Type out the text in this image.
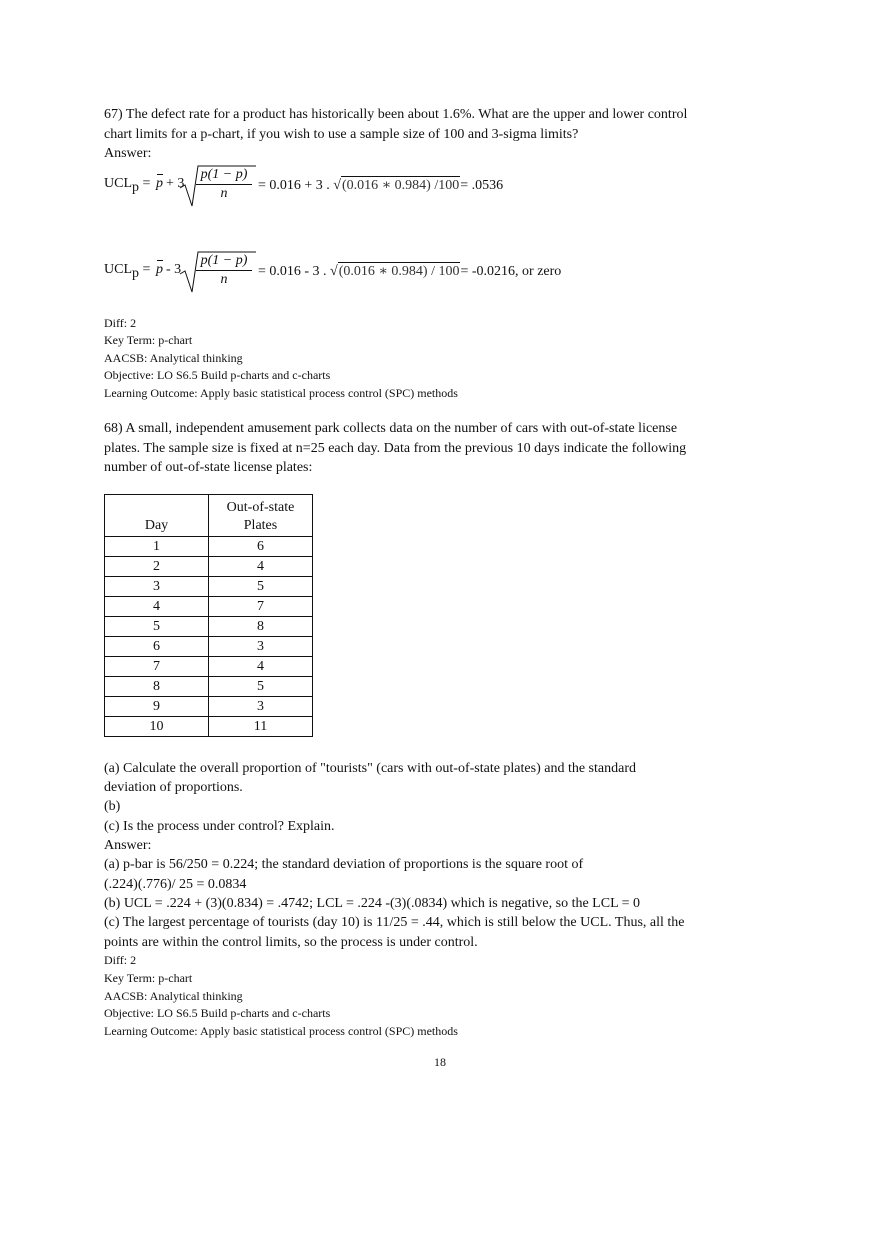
67) The defect rate for a product has historically been about 1.6%. What are the upper and lower control
chart limits for a p-chart, if you wish to use a sample size of 100 and 3-sigma limits?
Answer:
$UCL_p = p + 3 \frac{p(1 - p)}{n} = 0.016 + 3$ . √(0.016 ∗ 0.984) /100= .0536
$UCL_p = p - 3 \frac{p(1 - p)}{n} = 0.016 - 3$ . √(0.016 ∗ 0.984) / 100= -0.0216, or zero
Diff: 2
Key Term: p-chart
AACSB: Analytical thinking
Objective: LO S6.5 Build p-charts and c-charts
Learning Outcome: Apply basic statistical process control (SPC) methods
68) A small, independent amusement park collects data on the number of cars with out-of-state license
plates. The sample size is fixed at n=25 each day. Data from the previous 10 days indicate the following
number of out-of-state license plates:
Day	Out-of-state
Plates
1	6
2	4
3	5
4	7
5	8
6	3
7	4
8	5
9	3
10	11
(a) Calculate the overall proportion of "tourists" (cars with out-of-state plates) and the standard
deviation of proportions.
(b)
(c) Is the process under control? Explain.
Answer:
(a) p-bar is 56/250 = 0.224; the standard deviation of proportions is the square root of
(.224)(.776)/ 25 = 0.0834
(b) UCL = .224 + (3)(0.834) = .4742; LCL = .224 -(3)(.0834) which is negative, so the LCL = 0
(c) The largest percentage of tourists (day 10) is 11/25 = .44, which is still below the UCL. Thus, all the
points are within the control limits, so the process is under control.
Diff: 2
Key Term: p-chart
AACSB: Analytical thinking
Objective: LO S6.5 Build p-charts and c-charts
Learning Outcome: Apply basic statistical process control (SPC) methods
18
